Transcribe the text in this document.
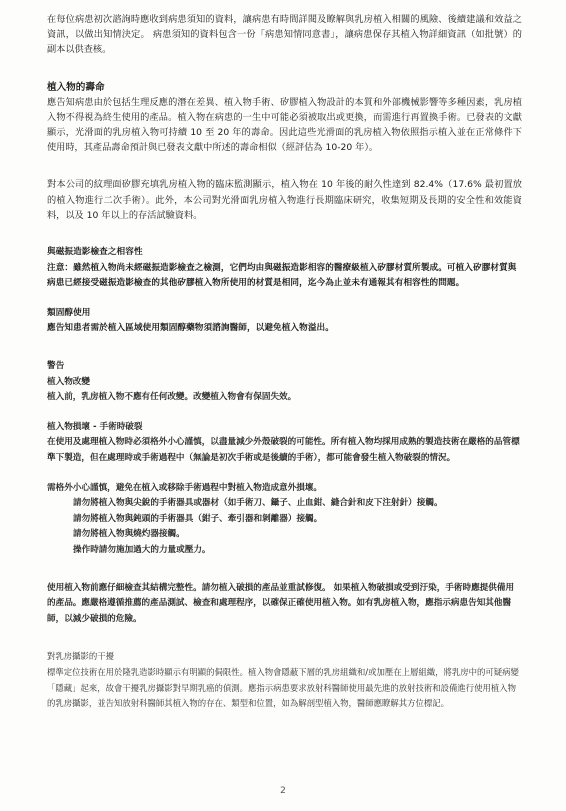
在每位病患初次諮詢時應收到病患須知的資料，讓病患有時間詳閱及瞭解與乳房植入相關的風險、後續建議和效益之資訊，以做出知情決定。 病患須知的資料包含一份「病患知情同意書」，讓病患保存其植入物詳細資訊（如批號）的副本以供查核。

植入物的壽命

應告知病患由於包括生理反應的潛在差異、植入物手術、矽膠植入物設計的本質和外部機械影響等多種因素，乳房植入物不得視為終生使用的產品。植入物在病患的一生中可能必須被取出或更換，而需進行再置換手術。已發表的文獻顯示，光滑面的乳房植入物可持續 10 至 20 年的壽命。因此這些光滑面的乳房植入物依照指示植入並在正常條件下使用時，其產品壽命預計與已發表文獻中所述的壽命相似（經評估為 10-20 年）。

對本公司的紋理面矽膠充填乳房植入物的臨床監測顯示，植入物在 10 年後的耐久性達到 82.4%（17.6% 最初置放的植入物進行二次手術）。此外，本公司對光滑面乳房植入物進行長期臨床研究，收集短期及長期的安全性和效能資料，以及 10 年以上的存活試驗資料。

與磁振造影檢查之相容性

注意：雖然植入物尚未經磁振造影檢查之檢測，它們均由與磁振造影相容的醫療級植入矽膠材質所製成。可植入矽膠材質與病患已經接受磁振造影檢查的其他矽膠植入物所使用的材質是相同，迄今為止並未有通報其有相容性的問題。

類固醇使用

應告知患者需於植入區域使用類固醇藥物須諮詢醫師，以避免植入物溢出。

警告

植入物改變

植入前，乳房植入物不應有任何改變。改變植入物會有保固失效。

植入物損壞 - 手術時破裂

在使用及處理植入物時必須格外小心謹慎，以盡量減少外殼破裂的可能性。所有植入物均採用成熟的製造技術在嚴格的品管標準下製造，但在處理時或手術過程中（無論是初次手術或是後續的手術），都可能會發生植入物破裂的情況。

需格外小心謹慎，避免在植入或移除手術過程中對植入物造成意外損壞。

請勿將植入物與尖銳的手術器具或器材（如手術刀、鑷子、止血鉗、縫合針和皮下注射針）接觸。

請勿將植入物與鈍頭的手術器具（鉗子、牽引器和剝離器）接觸。

請勿將植入物與燒灼器接觸。

操作時請勿施加過大的力量或壓力。

使用植入物前應仔細檢查其結構完整性。請勿植入破損的產品並重試修復。 如果植入物破損或受到汙染，手術時應提供備用的產品。應嚴格遵循推薦的產品測試、檢查和處理程序，以確保正確使用植入物。如有乳房植入物，應指示病患告知其他醫師，以減少破損的危險。

對乳房攝影的干擾

標準定位技術在用於隆乳造影時顯示有明顯的侷限性。植入物會隱蔽下層的乳房組織和/或加壓在上層組織，將乳房中的可疑病變「隱藏」起來，故會干擾乳房攝影對早期乳癌的偵測。應指示病患要求放射科醫師使用最先進的放射技術和設備進行使用植入物的乳房攝影，並告知放射科醫師其植入物的存在、類型和位置，如為解剖型植入物，醫師應瞭解其方位標記。

2
